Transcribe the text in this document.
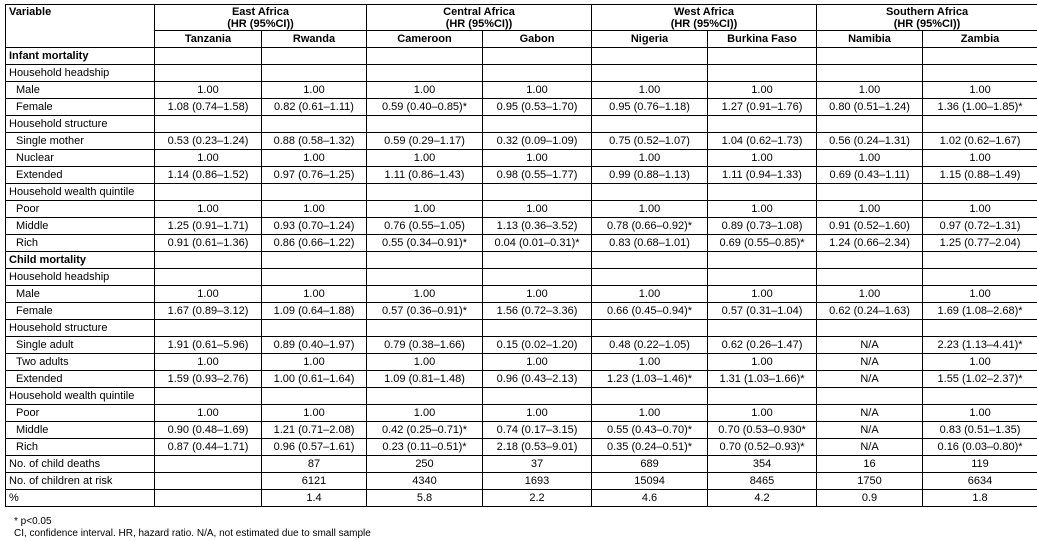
Variable	East Africa
(HR (95%CI))		Central Africa
(HR (95%CI))		West Africa
(HR (95%CI))		Southern Africa
(HR (95%CI))	
	Tanzania	Rwanda	Cameroon	Gabon	Nigeria	Burkina Faso	Namibia	Zambia
Infant mortality								
Household headship								
Male	1.00	1.00	1.00	1.00	1.00	1.00	1.00	1.00
Female	1.08 (0.74–1.58)	0.82 (0.61–1.11)	0.59 (0.40–0.85)*	0.95 (0.53–1.70)	0.95 (0.76–1.18)	1.27 (0.91–1.76)	0.80 (0.51–1.24)	1.36 (1.00–1.85)*
Household structure								
Single mother	0.53 (0.23–1.24)	0.88 (0.58–1.32)	0.59 (0.29–1.17)	0.32 (0.09–1.09)	0.75 (0.52–1.07)	1.04 (0.62–1.73)	0.56 (0.24–1.31)	1.02 (0.62–1.67)
Nuclear	1.00	1.00	1.00	1.00	1.00	1.00	1.00	1.00
Extended	1.14 (0.86–1.52)	0.97 (0.76–1.25)	1.11 (0.86–1.43)	0.98 (0.55–1.77)	0.99 (0.88–1.13)	1.11 (0.94–1.33)	0.69 (0.43–1.11)	1.15 (0.88–1.49)
Household wealth quintile								
Poor	1.00	1.00	1.00	1.00	1.00	1.00	1.00	1.00
Middle	1.25 (0.91–1.71)	0.93 (0.70–1.24)	0.76 (0.55–1.05)	1.13 (0.36–3.52)	0.78 (0.66–0.92)*	0.89 (0.73–1.08)	0.91 (0.52–1.60)	0.97 (0.72–1.31)
Rich	0.91 (0.61–1.36)	0.86 (0.66–1.22)	0.55 (0.34–0.91)*	0.04 (0.01–0.31)*	0.83 (0.68–1.01)	0.69 (0.55–0.85)*	1.24 (0.66–2.34)	1.25 (0.77–2.04)
Child mortality								
Household headship								
Male	1.00	1.00	1.00	1.00	1.00	1.00	1.00	1.00
Female	1.67 (0.89–3.12)	1.09 (0.64–1.88)	0.57 (0.36–0.91)*	1.56 (0.72–3.36)	0.66 (0.45–0.94)*	0.57 (0.31–1.04)	0.62 (0.24–1.63)	1.69 (1.08–2.68)*
Household structure								
Single adult	1.91 (0.61–5.96)	0.89 (0.40–1.97)	0.79 (0.38–1.66)	0.15 (0.02–1.20)	0.48 (0.22–1.05)	0.62 (0.26–1.47)	N/A	2.23 (1.13–4.41)*
Two adults	1.00	1.00	1.00	1.00	1.00	1.00	N/A	1.00
Extended	1.59 (0.93–2.76)	1.00 (0.61–1.64)	1.09 (0.81–1.48)	0.96 (0.43–2.13)	1.23 (1.03–1.46)*	1.31 (1.03–1.66)*	N/A	1.55 (1.02–2.37)*
Household wealth quintile								
Poor	1.00	1.00	1.00	1.00	1.00	1.00	N/A	1.00
Middle	0.90 (0.48–1.69)	1.21 (0.71–2.08)	0.42 (0.25–0.71)*	0.74 (0.17–3.15)	0.55 (0.43–0.70)*	0.70 (0.53–0.930*	N/A	0.83 (0.51–1.35)
Rich	0.87 (0.44–1.71)	0.96 (0.57–1.61)	0.23 (0.11–0.51)*	2.18 (0.53–9.01)	0.35 (0.24–0.51)*	0.70 (0.52–0.93)*	N/A	0.16 (0.03–0.80)*
No. of child deaths		87	250	37	689	354	16	119
No. of children at risk		6121	4340	1693	15094	8465	1750	6634
%		1.4	5.8	2.2	4.6	4.2	0.9	1.8
* p<0.05
CI, confidence interval. HR, hazard ratio. N/A, not estimated due to small sample
